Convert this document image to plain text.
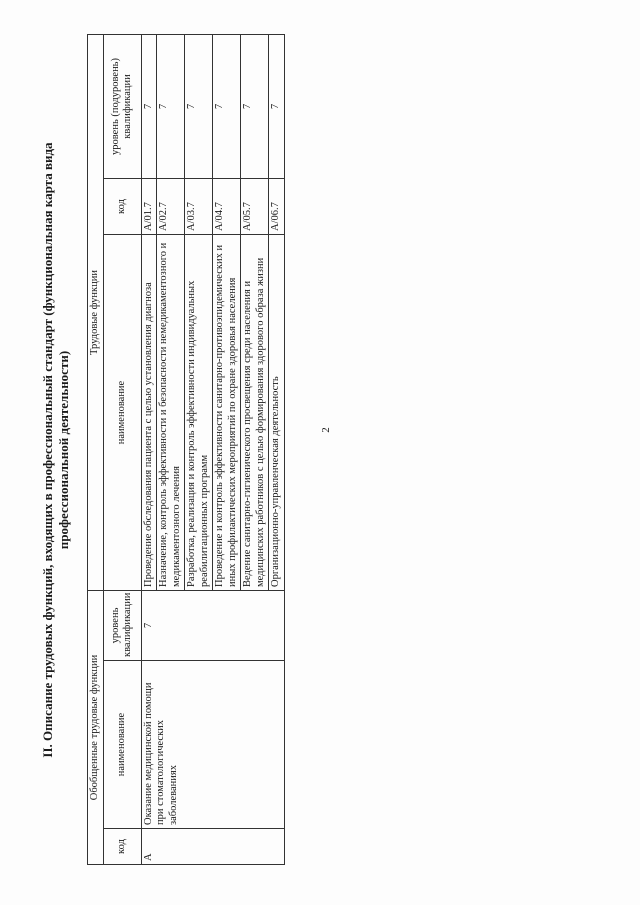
2
II. Описание трудовых функций, входящих в профессиональный стандарт (функциональная карта вида профессиональной деятельности)
Обобщенные трудовые функции			Трудовые функции		
код	наименование	уровень квалификации	наименование	код	уровень (подуровень) квалификации
A	Оказание медицинской помощи при стоматологических заболеваниях	7	Проведение обследования пациента с целью установления диагноза	A/01.7	7
			Назначение, контроль эффективности и безопасности немедикаментозного и медикаментозного лечения	A/02.7	7
			Разработка, реализация и контроль эффективности индивидуальных реабилитационных программ	A/03.7	7
			Проведение и контроль эффективности санитарно-противоэпидемических и иных профилактических мероприятий по охране здоровья населения	A/04.7	7
			Ведение санитарно-гигиенического просвещения среди населения и медицинских работников с целью формирования здорового образа жизни	A/05.7	7
			Организационно-управленческая деятельность	A/06.7	7
